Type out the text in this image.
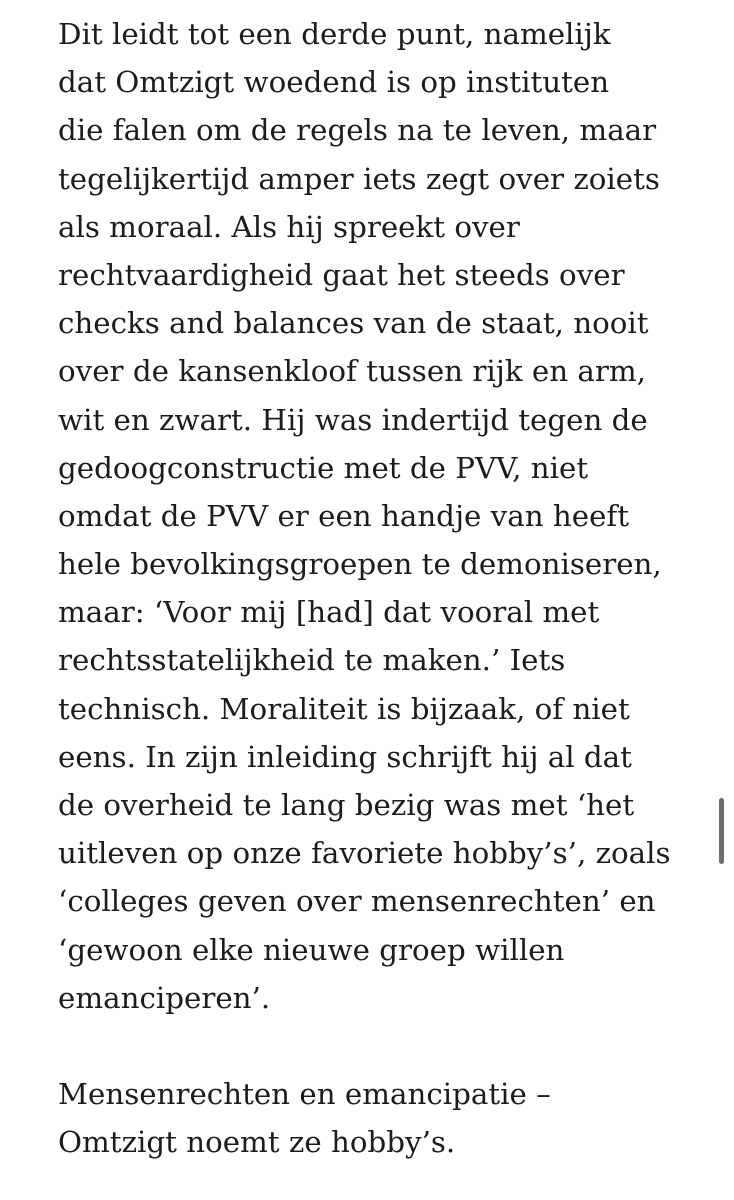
Dit leidt tot een derde punt, namelijk
dat Omtzigt woedend is op instituten
die falen om de regels na te leven, maar
tegelijkertijd amper iets zegt over zoiets
als moraal. Als hij spreekt over
rechtvaardigheid gaat het steeds over
checks and balances van de staat, nooit
over de kansenkloof tussen rijk en arm,
wit en zwart. Hij was indertijd tegen de
gedoogconstructie met de PVV, niet
omdat de PVV er een handje van heeft
hele bevolkingsgroepen te demoniseren,
maar: ‘Voor mij [had] dat vooral met
rechtsstatelijkheid te maken.’ Iets
technisch. Moraliteit is bijzaak, of niet
eens. In zijn inleiding schrijft hij al dat
de overheid te lang bezig was met ‘het
uitleven op onze favoriete hobby’s’, zoals
‘colleges geven over mensenrechten’ en
‘gewoon elke nieuwe groep willen
emanciperen’.
Mensenrechten en emancipatie –
Omtzigt noemt ze hobby’s.
